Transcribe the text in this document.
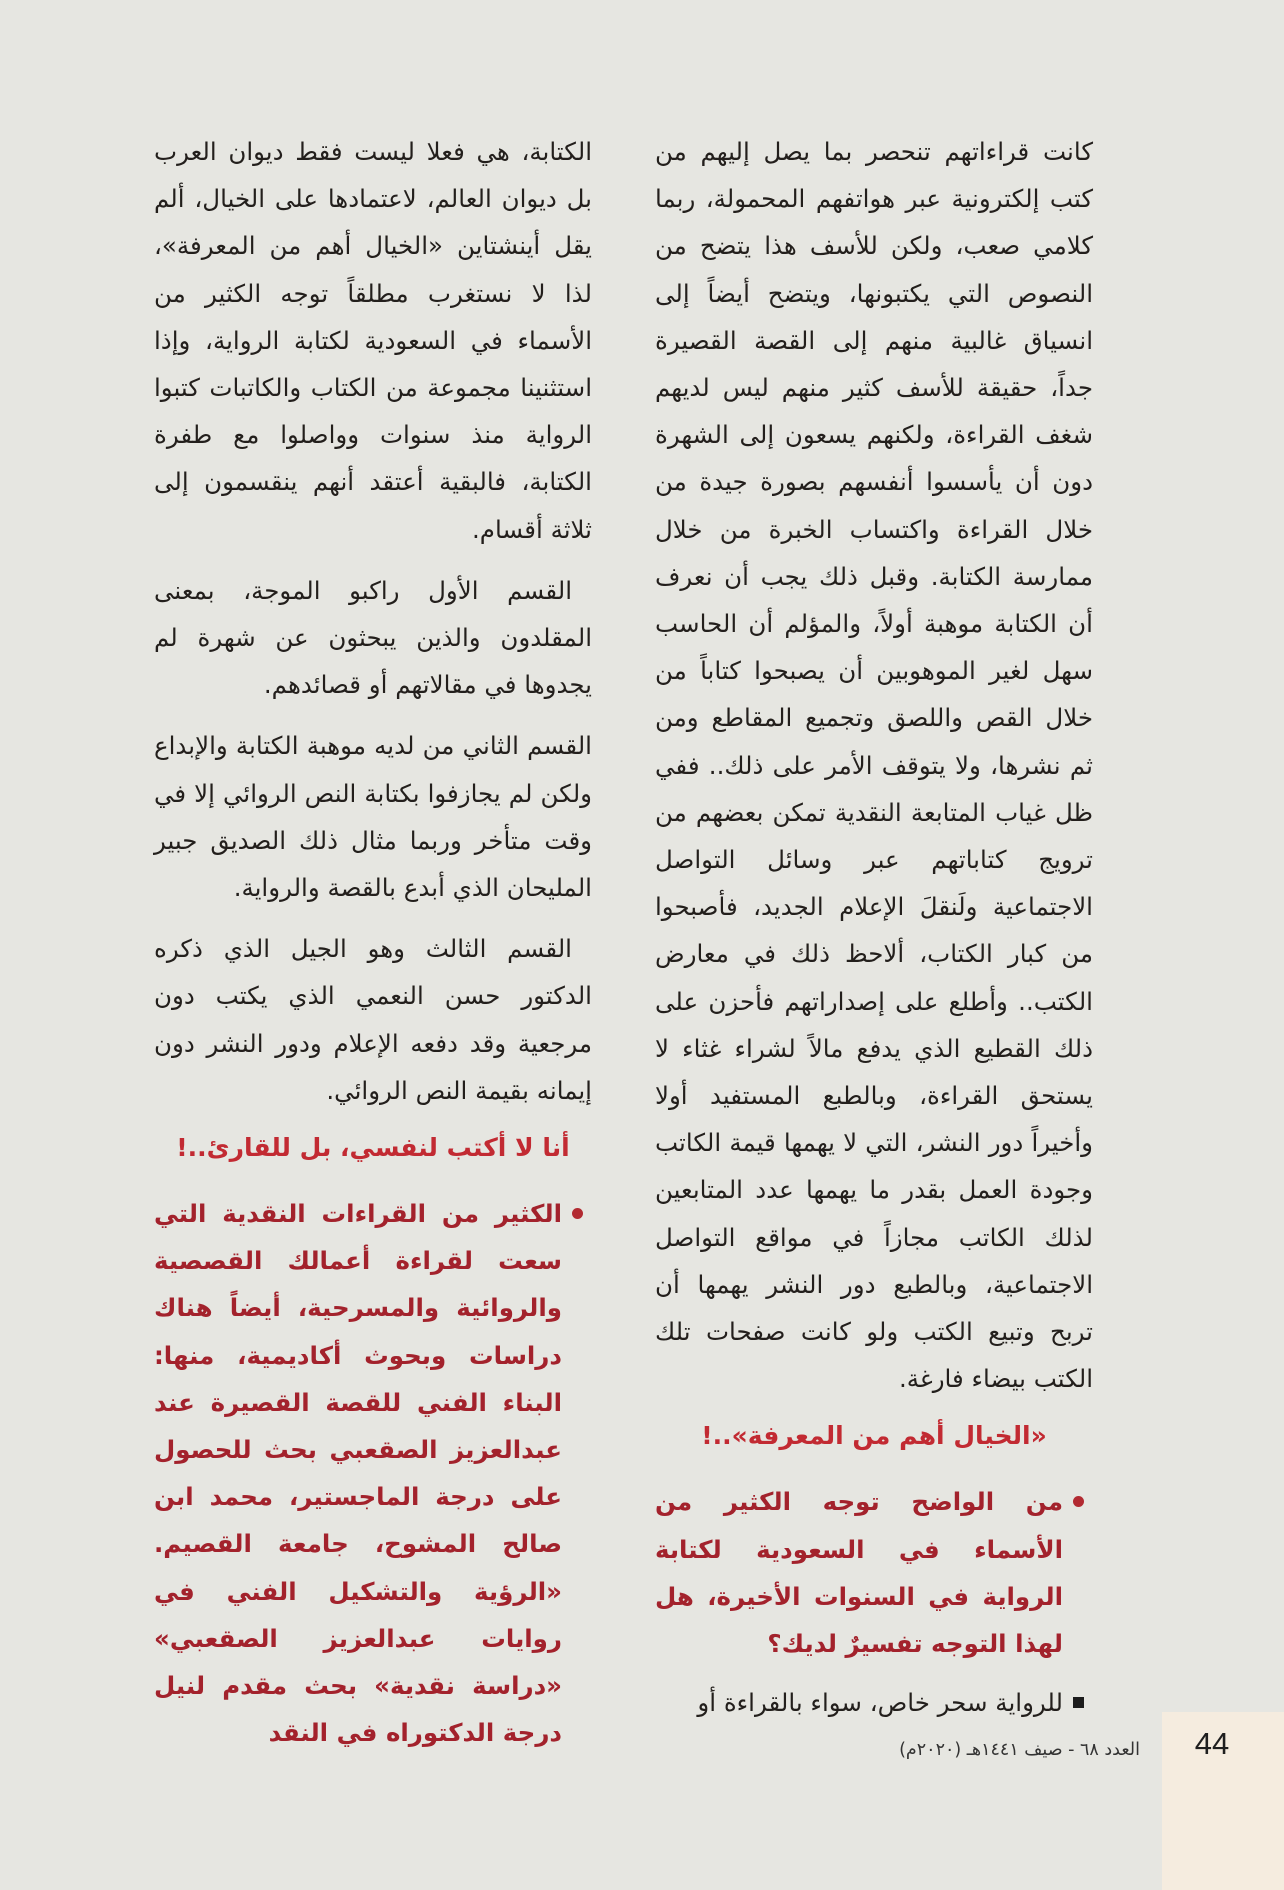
كانت قراءاتهم تنحصر بما يصل إليهم من كتب إلكترونية عبر هواتفهم المحمولة، ربما كلامي صعب، ولكن للأسف هذا يتضح من النصوص التي يكتبونها، ويتضح أيضاً إلى انسياق غالبية منهم إلى القصة القصيرة جداً، حقيقة للأسف كثير منهم ليس لديهم شغف القراءة، ولكنهم يسعون إلى الشهرة دون أن يأسسوا أنفسهم بصورة جيدة من خلال القراءة واكتساب الخبرة من خلال ممارسة الكتابة. وقبل ذلك يجب أن نعرف أن الكتابة موهبة أولاً، والمؤلم أن الحاسب سهل لغير الموهوبين أن يصبحوا كتاباً من خلال القص واللصق وتجميع المقاطع ومن ثم نشرها، ولا يتوقف الأمر على ذلك.. ففي ظل غياب المتابعة النقدية تمكن بعضهم من ترويج كتاباتهم عبر وسائل التواصل الاجتماعية ولَنقلَ الإعلام الجديد، فأصبحوا من كبار الكتاب، ألاحظ ذلك في معارض الكتب.. وأطلع على إصداراتهم فأحزن على ذلك القطيع الذي يدفع مالاً لشراء غثاء لا يستحق القراءة، وبالطبع المستفيد أولا وأخيراً دور النشر، التي لا يهمها قيمة الكاتب وجودة العمل بقدر ما يهمها عدد المتابعين لذلك الكاتب مجازاً في مواقع التواصل الاجتماعية، وبالطبع دور النشر يهمها أن تربح وتبيع الكتب ولو كانت صفحات تلك الكتب بيضاء فارغة.

«الخيال أهم من المعرفة»..!
من الواضح توجه الكثير من الأسماء في السعودية لكتابة الرواية في السنوات الأخيرة، هل لهذا التوجه تفسيرٌ لديك؟
للرواية سحر خاص، سواء بالقراءة أو

الكتابة، هي فعلا ليست فقط ديوان العرب بل ديوان العالم، لاعتمادها على الخيال، ألم يقل أينشتاين «الخيال أهم من المعرفة»، لذا لا نستغرب مطلقاً توجه الكثير من الأسماء في السعودية لكتابة الرواية، وإذا استثنينا مجموعة من الكتاب والكاتبات كتبوا الرواية منذ سنوات وواصلوا مع طفرة الكتابة، فالبقية أعتقد أنهم ينقسمون إلى ثلاثة أقسام.

القسم الأول راكبو الموجة، بمعنى المقلدون والذين يبحثون عن شهرة لم يجدوها في مقالاتهم أو قصائدهم.

القسم الثاني من لديه موهبة الكتابة والإبداع ولكن لم يجازفوا بكتابة النص الروائي إلا في وقت متأخر وربما مثال ذلك الصديق جبير المليحان الذي أبدع بالقصة والرواية.

القسم الثالث وهو الجيل الذي ذكره الدكتور حسن النعمي الذي يكتب دون مرجعية وقد دفعه الإعلام ودور النشر دون إيمانه بقيمة النص الروائي.

أنا لا أكتب لنفسي، بل للقارئ..!
الكثير من القراءات النقدية التي سعت لقراءة أعمالك القصصية والروائية والمسرحية، أيضاً هناك دراسات وبحوث أكاديمية، منها: البناء الفني للقصة القصيرة عند عبدالعزيز الصقعبي بحث للحصول على درجة الماجستير، محمد ابن صالح المشوح، جامعة القصيم. «الرؤية والتشكيل الفني في روايات عبدالعزيز الصقعبي» «دراسة نقدية» بحث مقدم لنيل درجة الدكتوراه في النقد	44
العدد ٦٨ - صيف ١٤٤١هـ (٢٠٢٠م)
